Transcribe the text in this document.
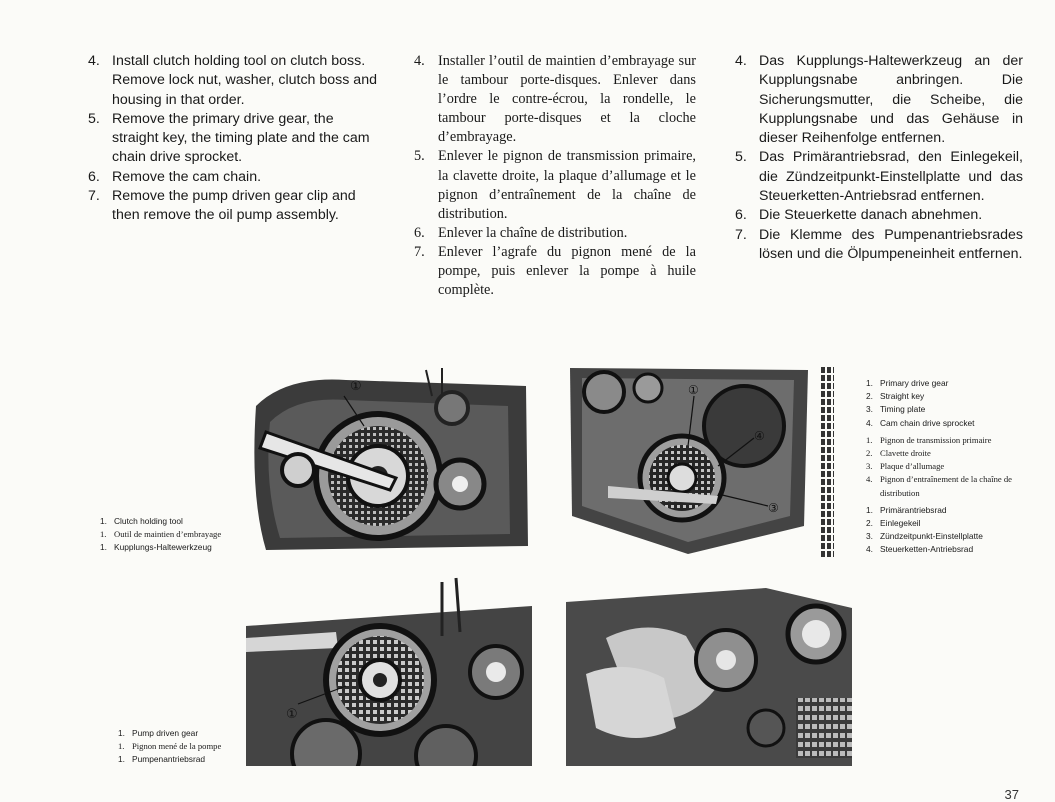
4. Install clutch holding tool on clutch boss. Remove lock nut, washer, clutch boss and housing in that order.
5. Remove the primary drive gear, the straight key, the timing plate and the cam chain drive sprocket.
6. Remove the cam chain.
7. Remove the pump driven gear clip and then remove the oil pump assembly.
4. Installer l’outil de maintien d’embrayage sur le tambour porte-disques. Enlever dans l’ordre le contre-écrou, la rondelle, le tambour porte-disques et la cloche d’embrayage.
5. Enlever le pignon de transmission primaire, la clavette droite, la plaque d’allumage et le pignon d’entraînement de la chaîne de distribution.
6. Enlever la chaîne de distribution.
7. Enlever l’agrafe du pignon mené de la pompe, puis enlever la pompe à huile complète.
4. Das Kupplungs-Haltewerkzeug an der Kupplungsnabe anbringen. Die Sicherungsmutter, die Scheibe, die Kupplungsnabe und das Gehäuse in dieser Reihenfolge entfernen.
5. Das Primärantriebsrad, den Einlegekeil, die Zündzeitpunkt-Einstellplatte und das Steuerketten-Antriebsrad entfernen.
6. Die Steuerkette danach abnehmen.
7. Die Klemme des Pumpenantriebsrades lösen und die Ölpumpeneinheit entfernen.
①
1. Clutch holding tool
1. Outil de maintien d’embrayage
1. Kupplungs-Haltewerkzeug
①
④
③
1. Primary drive gear
2. Straight key
3. Timing plate
4. Cam chain drive sprocket
1. Pignon de transmission primaire
2. Clavette droite
3. Plaque d’allumage
4. Pignon d’entraînement de la chaîne de distribution
1. Primärantriebsrad
2. Einlegekeil
3. Zündzeitpunkt-Einstellplatte
4. Steuerketten-Antriebsrad
①
1. Pump driven gear
1. Pignon mené de la pompe
1. Pumpenantriebsrad
37
